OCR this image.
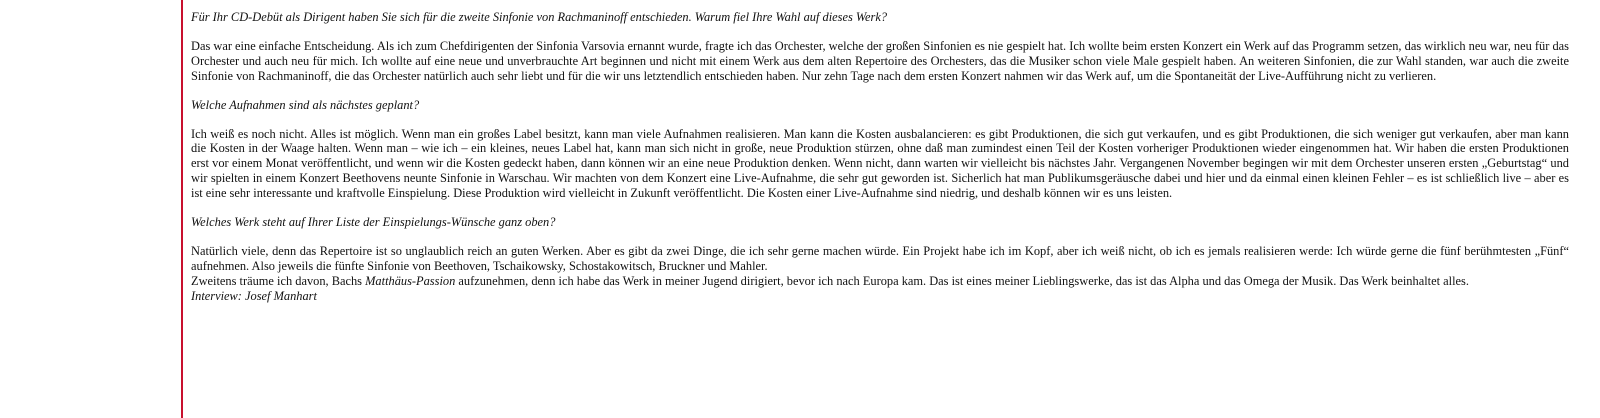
Für Ihr CD-Debüt als Dirigent haben Sie sich für die zweite Sinfonie von Rachmaninoff entschieden. Warum fiel Ihre Wahl auf dieses Werk?

Das war eine einfache Entscheidung. Als ich zum Chefdirigenten der Sinfonia Varsovia ernannt wurde, fragte ich das Orchester, welche der großen Sinfonien es nie gespielt hat. Ich wollte beim ersten Konzert ein Werk auf das Programm setzen, das wirklich neu war, neu für das Orchester und auch neu für mich. Ich wollte auf eine neue und unverbrauchte Art beginnen und nicht mit einem Werk aus dem alten Repertoire des Orchesters, das die Musiker schon viele Male gespielt haben. An weiteren Sinfonien, die zur Wahl standen, war auch die zweite Sinfonie von Rachmaninoff, die das Orchester natürlich auch sehr liebt und für die wir uns letztendlich entschieden haben. Nur zehn Tage nach dem ersten Konzert nahmen wir das Werk auf, um die Spontaneität der Live-Aufführung nicht zu verlieren.

Welche Aufnahmen sind als nächstes geplant?

Ich weiß es noch nicht. Alles ist möglich. Wenn man ein großes Label besitzt, kann man viele Aufnahmen realisieren. Man kann die Kosten ausbalancieren: es gibt Produktionen, die sich gut verkaufen, und es gibt Produktionen, die sich weniger gut verkaufen, aber man kann die Kosten in der Waage halten. Wenn man – wie ich – ein kleines, neues Label hat, kann man sich nicht in große, neue Produktion stürzen, ohne daß man zumindest einen Teil der Kosten vorheriger Produktionen wieder eingenommen hat. Wir haben die ersten Produktionen erst vor einem Monat veröffentlicht, und wenn wir die Kosten gedeckt haben, dann können wir an eine neue Produktion denken. Wenn nicht, dann warten wir vielleicht bis nächstes Jahr. Vergangenen November begingen wir mit dem Orchester unseren ersten „Geburtstag“ und wir spielten in einem Konzert Beethovens neunte Sinfonie in Warschau. Wir machten von dem Konzert eine Live-Aufnahme, die sehr gut geworden ist. Sicherlich hat man Publikumsgeräusche dabei und hier und da einmal einen kleinen Fehler – es ist schließlich live – aber es ist eine sehr interessante und kraftvolle Einspielung. Diese Produktion wird vielleicht in Zukunft veröffentlicht. Die Kosten einer Live-Aufnahme sind niedrig, und deshalb können wir es uns leisten.

Welches Werk steht auf Ihrer Liste der Einspielungs-Wünsche ganz oben?

Natürlich viele, denn das Repertoire ist so unglaublich reich an guten Werken. Aber es gibt da zwei Dinge, die ich sehr gerne machen würde. Ein Projekt habe ich im Kopf, aber ich weiß nicht, ob ich es jemals realisieren werde: Ich würde gerne die fünf berühmtesten „Fünf“ aufnehmen. Also jeweils die fünfte Sinfonie von Beethoven, Tschaikowsky, Schostakowitsch, Bruckner und Mahler.

Zweitens träume ich davon, Bachs Matthäus-Passion aufzunehmen, denn ich habe das Werk in meiner Jugend dirigiert, bevor ich nach Europa kam. Das ist eines meiner Lieblingswerke, das ist das Alpha und das Omega der Musik. Das Werk beinhaltet alles.

Interview: Josef Manhart
